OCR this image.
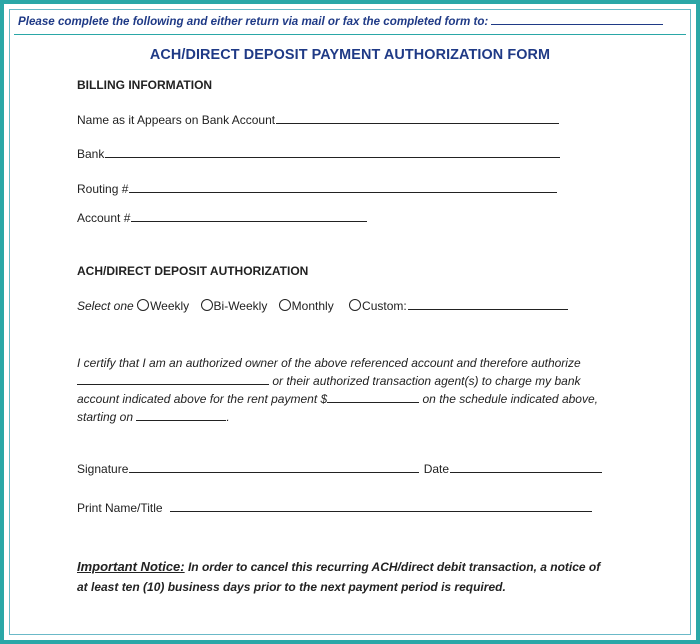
Please complete the following and either return via mail or fax the completed form to:
ACH/DIRECT DEPOSIT PAYMENT AUTHORIZATION FORM
BILLING INFORMATION
Name as it Appears on Bank Account
Bank
Routing #
Account #
ACH/DIRECT DEPOSIT AUTHORIZATION
Select one Weekly Bi-Weekly Monthly Custom:
I certify that I am an authorized owner of the above referenced account and therefore authorize
or their authorized transaction agent(s) to charge my bank
account indicated above for the rent payment $	on the schedule indicated above,
starting on	.
Signature	Date
Print Name/Title
Important Notice: In order to cancel this recurring ACH/direct debit transaction, a notice of
at least ten (10) business days prior to the next payment period is required.
